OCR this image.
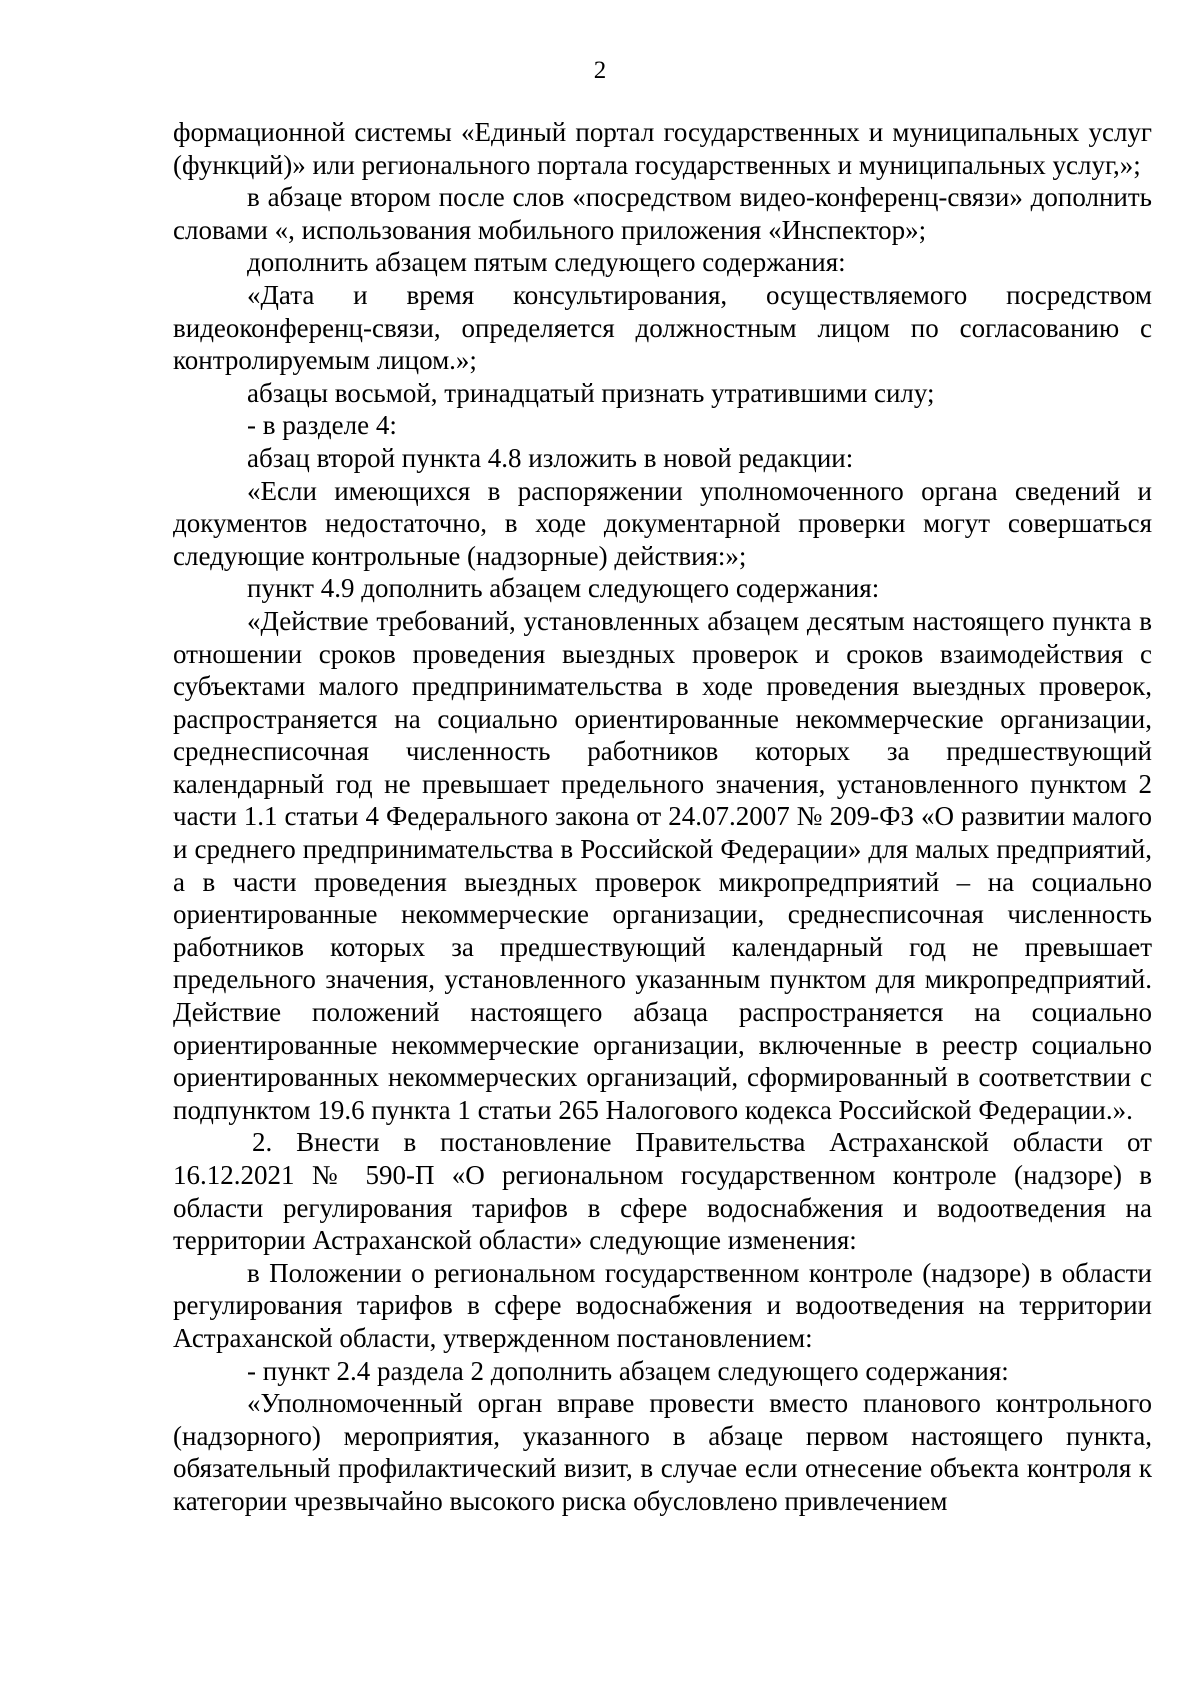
2

формационной системы «Единый портал государственных и муниципальных услуг (функций)» или регионального портала государственных и муниципальных услуг,»;

в абзаце втором после слов «посредством видео-конференц-связи» дополнить словами «, использования мобильного приложения «Инспектор»;

дополнить абзацем пятым следующего содержания:

«Дата и время консультирования, осуществляемого посредством видеоконференц-связи, определяется должностным лицом по согласованию с контролируемым лицом.»;

абзацы восьмой, тринадцатый признать утратившими силу;

- в разделе 4:

абзац второй пункта 4.8 изложить в новой редакции:

«Если имеющихся в распоряжении уполномоченного органа сведений и документов недостаточно, в ходе документарной проверки могут совершаться следующие контрольные (надзорные) действия:»;

пункт 4.9 дополнить абзацем следующего содержания:

«Действие требований, установленных абзацем десятым настоящего пункта в отношении сроков проведения выездных проверок и сроков взаимодействия с субъектами малого предпринимательства в ходе проведения выездных проверок, распространяется на социально ориентированные некоммерческие организации, среднесписочная численность работников которых за предшествующий календарный год не превышает предельного значения, установленного пунктом 2 части 1.1 статьи 4 Федерального закона от 24.07.2007 № 209-ФЗ «О развитии малого и среднего предпринимательства в Российской Федерации» для малых предприятий, а в части проведения выездных проверок микропредприятий – на социально ориентированные некоммерческие организации, среднесписочная численность работников которых за предшествующий календарный год не превышает предельного значения, установленного указанным пунктом для микропредприятий. Действие положений настоящего абзаца распространяется на социально ориентированные некоммерческие организации, включенные в реестр социально ориентированных некоммерческих организаций, сформированный в соответствии с подпунктом 19.6 пункта 1 статьи 265 Налогового кодекса Российской Федерации.».

2. Внести в постановление Правительства Астраханской области от 16.12.2021 № 590-П «О региональном государственном контроле (надзоре) в области регулирования тарифов в сфере водоснабжения и водоотведения на территории Астраханской области» следующие изменения:

в Положении о региональном государственном контроле (надзоре) в области регулирования тарифов в сфере водоснабжения и водоотведения на территории Астраханской области, утвержденном постановлением:

- пункт 2.4 раздела 2 дополнить абзацем следующего содержания:

«Уполномоченный орган вправе провести вместо планового контрольного (надзорного) мероприятия, указанного в абзаце первом настоящего пункта, обязательный профилактический визит, в случае если отнесение объекта контроля к категории чрезвычайно высокого риска обусловлено привлечением
